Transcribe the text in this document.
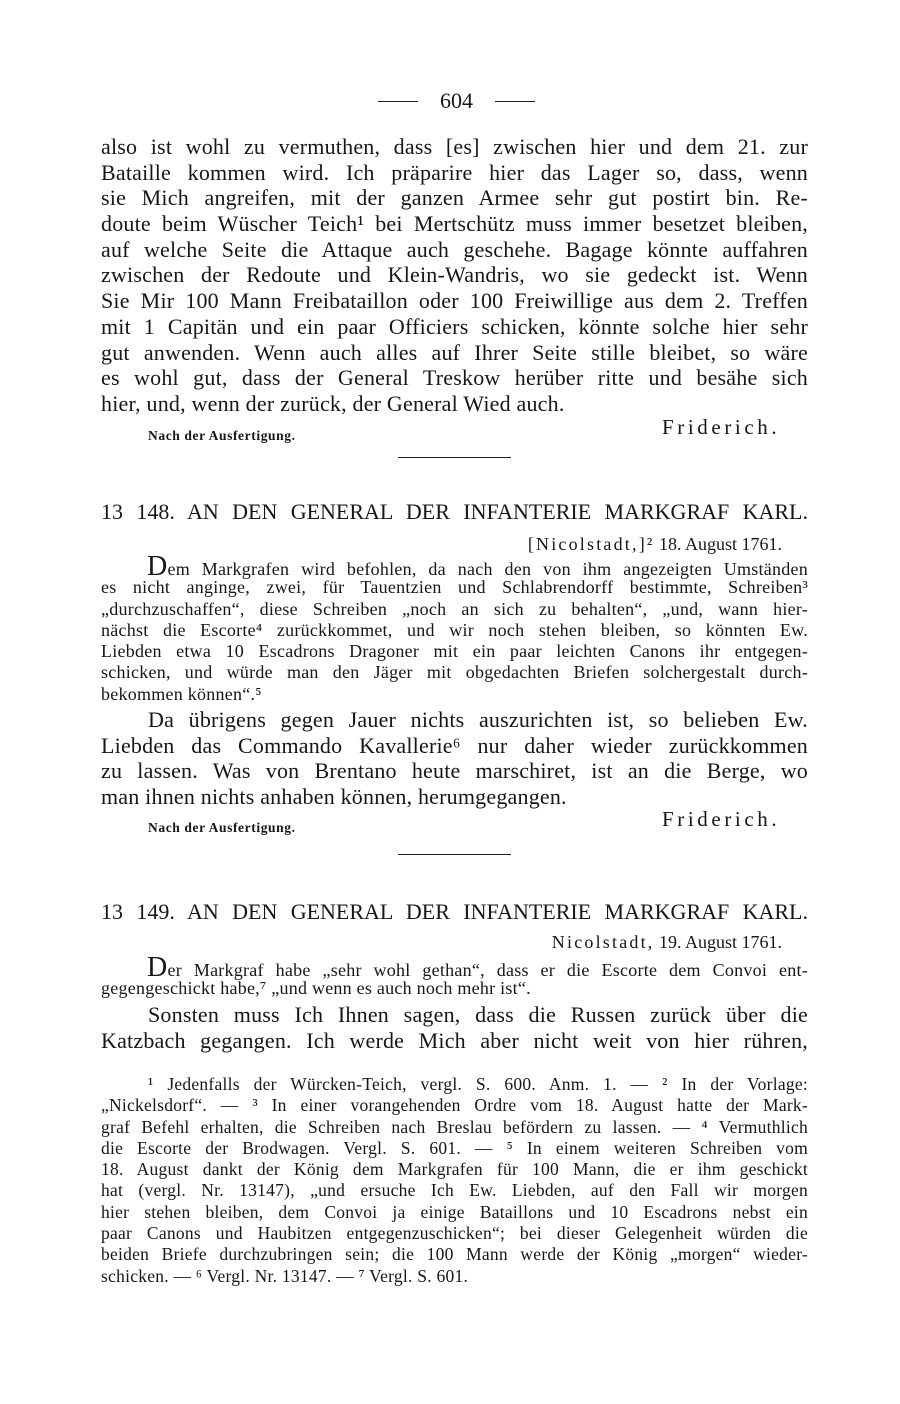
604
also ist wohl zu vermuthen, dass [es] zwischen hier und dem 21. zur
Bataille kommen wird. Ich präparire hier das Lager so, dass, wenn
sie Mich angreifen, mit der ganzen Armee sehr gut postirt bin. Re-
doute beim Wüscher Teich¹ bei Mertschütz muss immer besetzet bleiben,
auf welche Seite die Attaque auch geschehe. Bagage könnte auffahren
zwischen der Redoute und Klein-Wandris, wo sie gedeckt ist. Wenn
Sie Mir 100 Mann Freibataillon oder 100 Freiwillige aus dem 2. Treffen
mit 1 Capitän und ein paar Officiers schicken, könnte solche hier sehr
gut anwenden. Wenn auch alles auf Ihrer Seite stille bleibet, so wäre
es wohl gut, dass der General Treskow herüber ritte und besähe sich
hier, und, wenn der zurück, der General Wied auch.
Nach der Ausfertigung.	Friderich.
13 148. AN DEN GENERAL DER INFANTERIE MARKGRAF KARL.
[Nicolstadt,]² 18. August 1761.
Dem Markgrafen wird befohlen, da nach den von ihm angezeigten Umständen
es nicht anginge, zwei, für Tauentzien und Schlabrendorff bestimmte, Schreiben³
„durchzuschaffen“, diese Schreiben „noch an sich zu behalten“, „und, wann hier-
nächst die Escorte⁴ zurückkommet, und wir noch stehen bleiben, so könnten Ew.
Liebden etwa 10 Escadrons Dragoner mit ein paar leichten Canons ihr entgegen-
schicken, und würde man den Jäger mit obgedachten Briefen solchergestalt durch-
bekommen können“.⁵
Da übrigens gegen Jauer nichts auszurichten ist, so belieben Ew.
Liebden das Commando Kavallerie⁶ nur daher wieder zurückkommen
zu lassen. Was von Brentano heute marschiret, ist an die Berge, wo
man ihnen nichts anhaben können, herumgegangen.
Nach der Ausfertigung.	Friderich.
13 149. AN DEN GENERAL DER INFANTERIE MARKGRAF KARL.
Nicolstadt, 19. August 1761.
Der Markgraf habe „sehr wohl gethan“, dass er die Escorte dem Convoi ent-
gegengeschickt habe,⁷ „und wenn es auch noch mehr ist“.
Sonsten muss Ich Ihnen sagen, dass die Russen zurück über die
Katzbach gegangen. Ich werde Mich aber nicht weit von hier rühren,
¹ Jedenfalls der Würcken-Teich, vergl. S. 600. Anm. 1. — ² In der Vorlage:
„Nickelsdorf“. — ³ In einer vorangehenden Ordre vom 18. August hatte der Mark-
graf Befehl erhalten, die Schreiben nach Breslau befördern zu lassen. — ⁴ Vermuthlich
die Escorte der Brodwagen. Vergl. S. 601. — ⁵ In einem weiteren Schreiben vom
18. August dankt der König dem Markgrafen für 100 Mann, die er ihm geschickt
hat (vergl. Nr. 13147), „und ersuche Ich Ew. Liebden, auf den Fall wir morgen
hier stehen bleiben, dem Convoi ja einige Bataillons und 10 Escadrons nebst ein
paar Canons und Haubitzen entgegenzuschicken“; bei dieser Gelegenheit würden die
beiden Briefe durchzubringen sein; die 100 Mann werde der König „morgen“ wieder-
schicken. — ⁶ Vergl. Nr. 13147. — ⁷ Vergl. S. 601.
